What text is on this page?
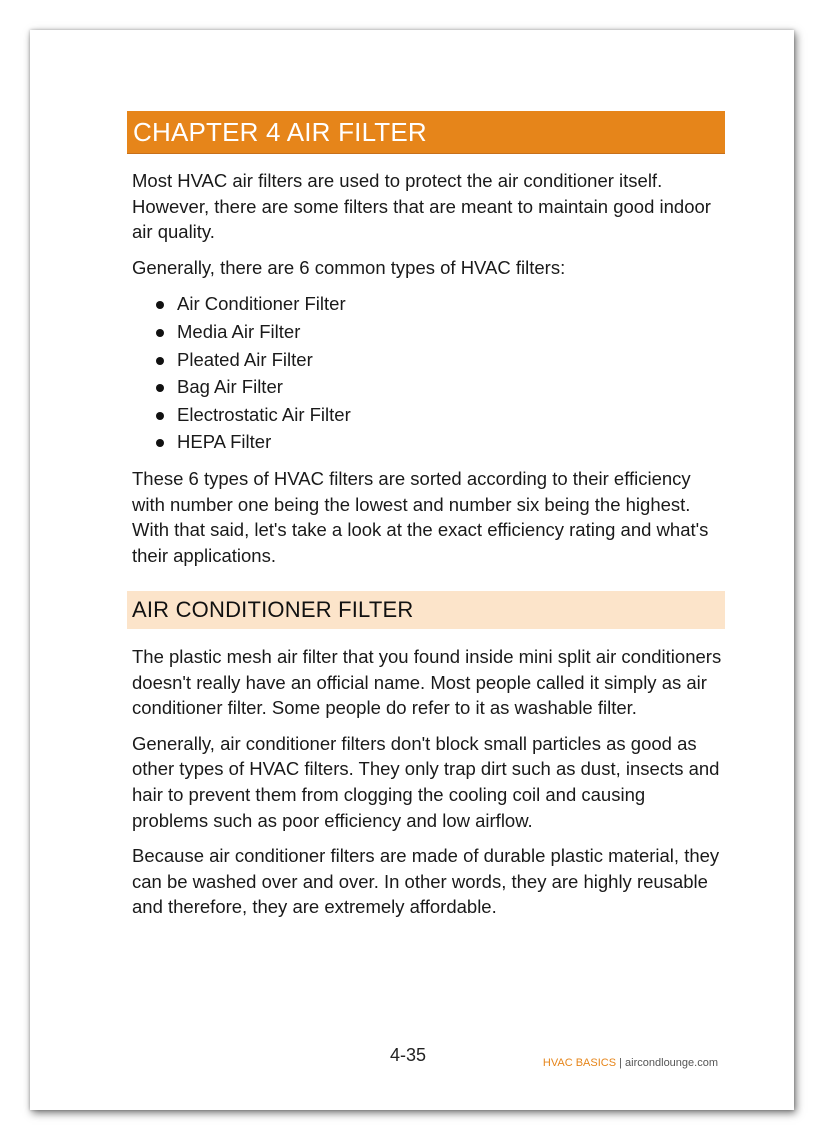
CHAPTER 4 AIR FILTER

Most HVAC air filters are used to protect the air conditioner itself. However, there are some filters that are meant to maintain good indoor air quality.

Generally, there are 6 common types of HVAC filters:

Air Conditioner Filter
Media Air Filter
Pleated Air Filter
Bag Air Filter
Electrostatic Air Filter
HEPA Filter

These 6 types of HVAC filters are sorted according to their efficiency with number one being the lowest and number six being the highest. With that said, let's take a look at the exact efficiency rating and what's their applications.

AIR CONDITIONER FILTER

The plastic mesh air filter that you found inside mini split air conditioners doesn't really have an official name. Most people called it simply as air conditioner filter. Some people do refer to it as washable filter.

Generally, air conditioner filters don't block small particles as good as other types of HVAC filters. They only trap dirt such as dust, insects and hair to prevent them from clogging the cooling coil and causing problems such as poor efficiency and low airflow.

Because air conditioner filters are made of durable plastic material, they can be washed over and over. In other words, they are highly reusable and therefore, they are extremely affordable.

4-35	HVAC BASICS | aircondlounge.com
